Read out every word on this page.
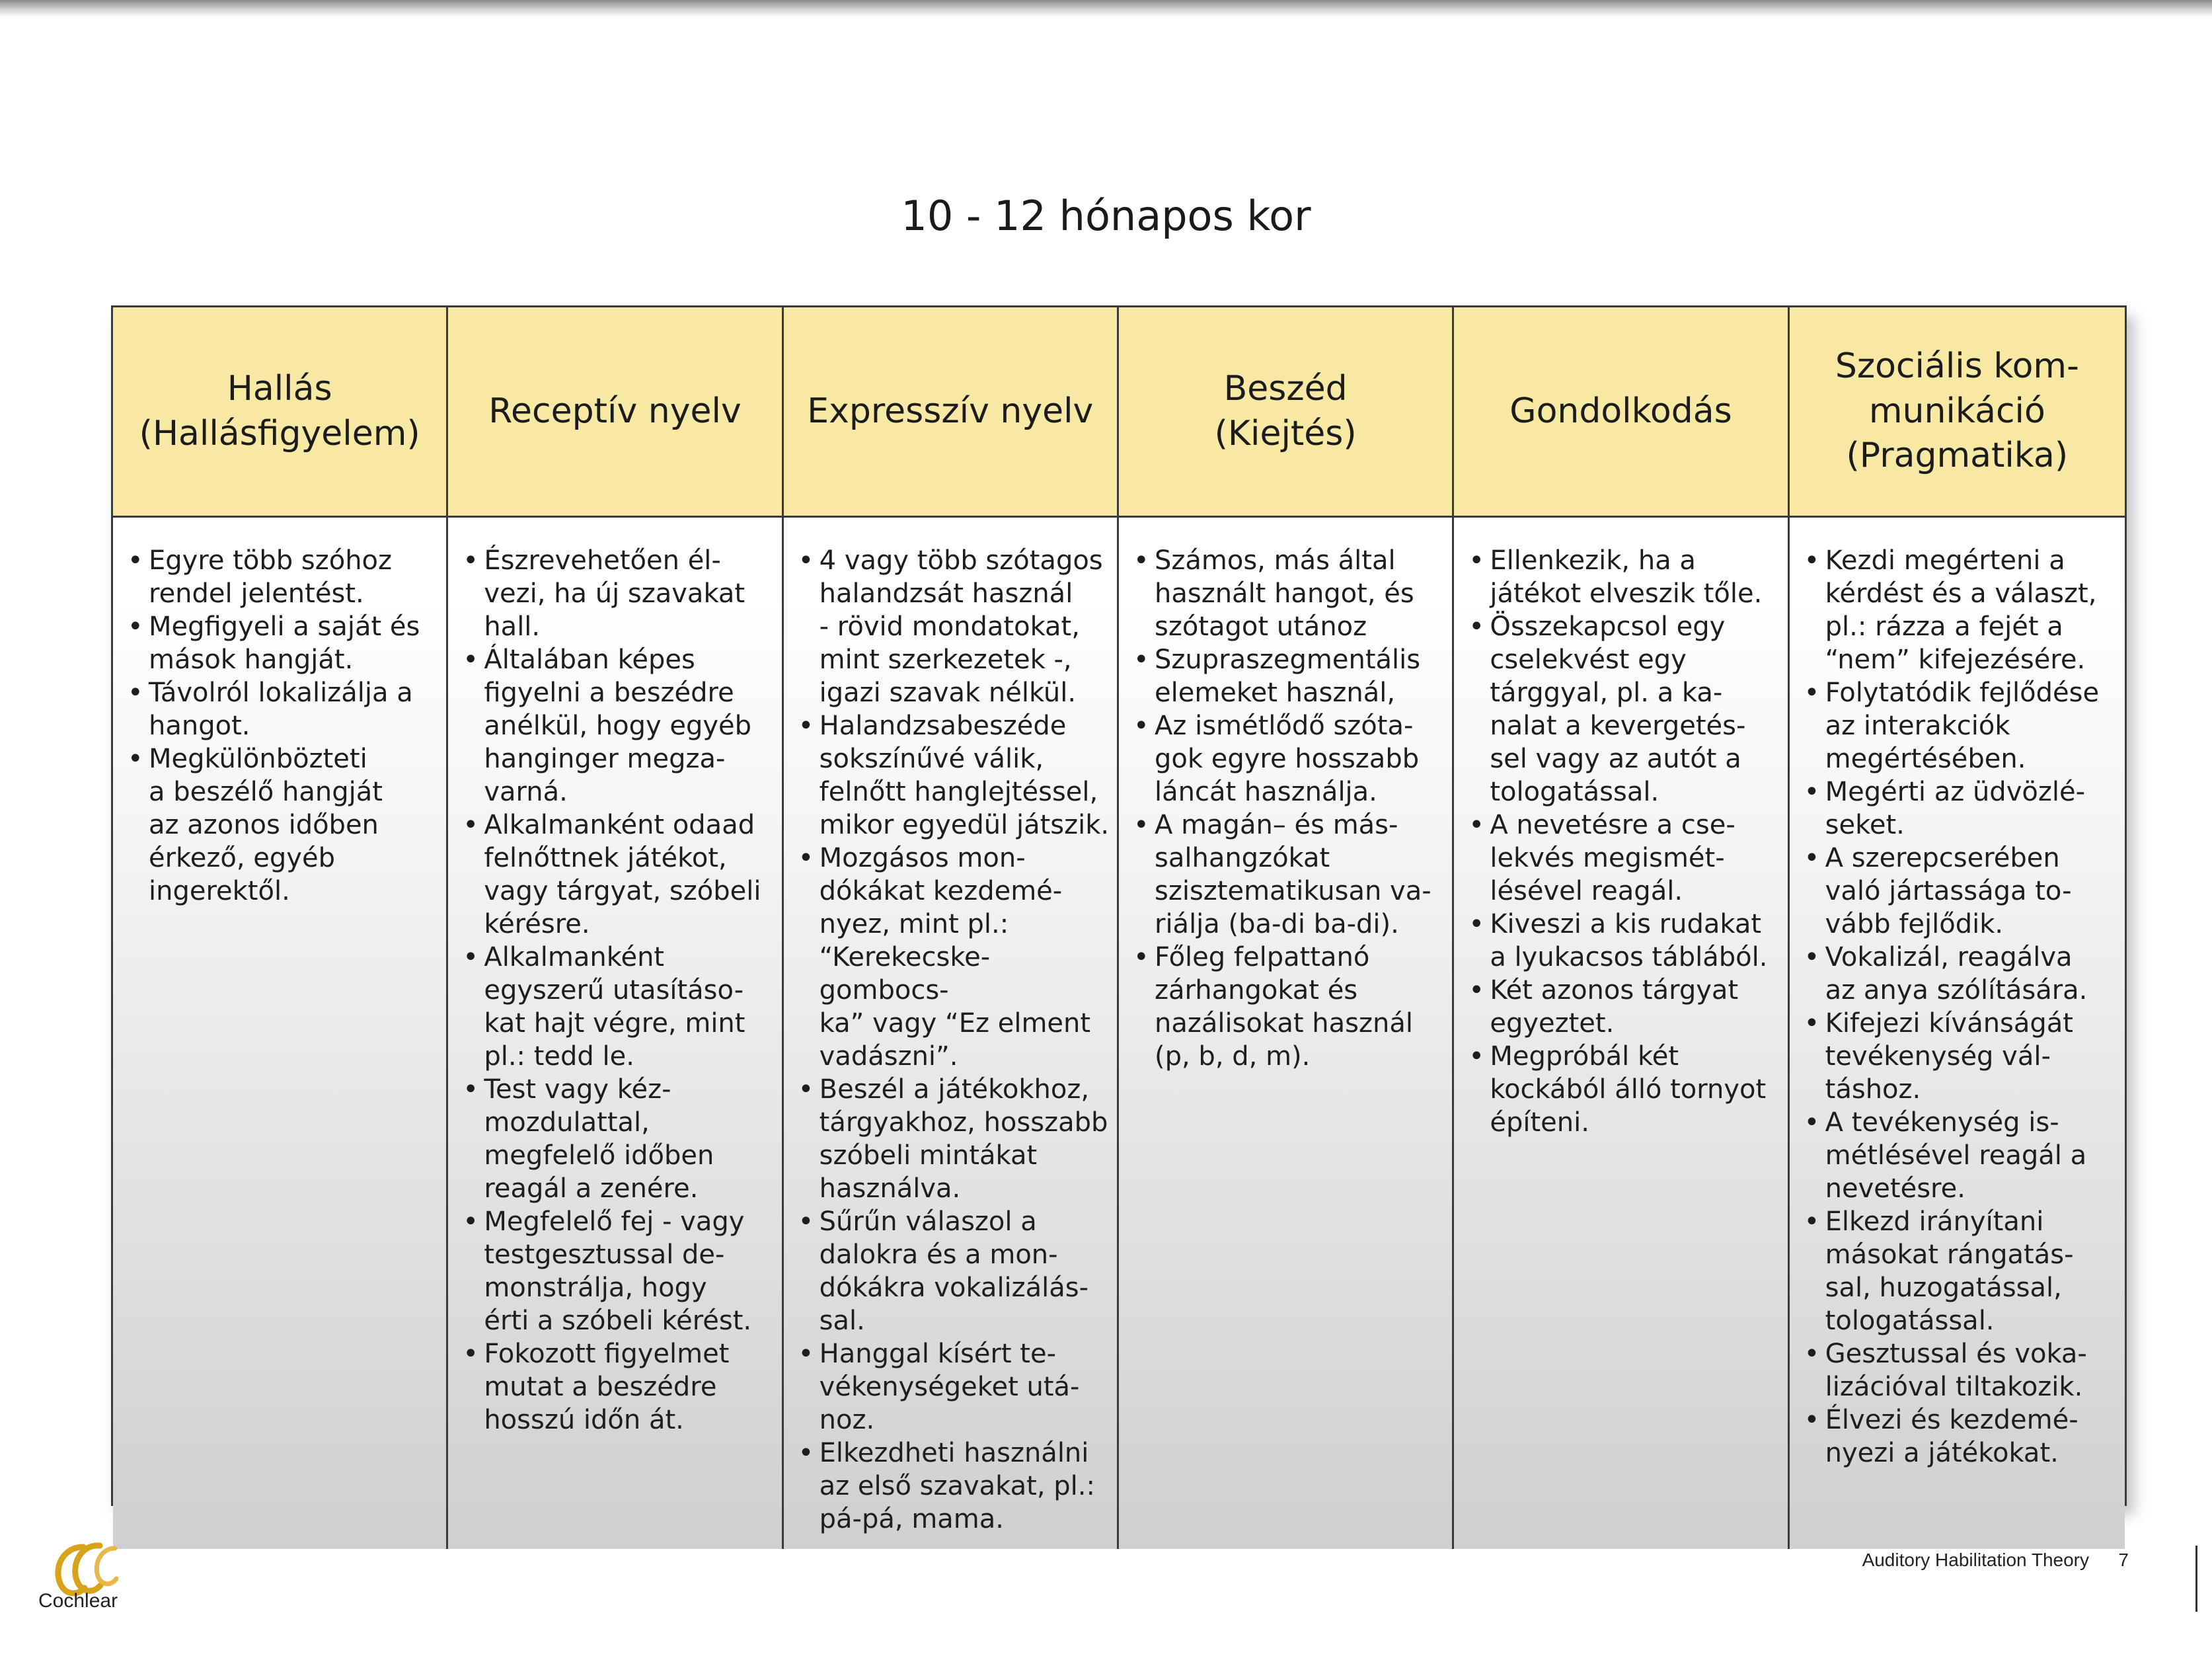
10 - 12 hónapos kor
Hallás
(Hallásfigyelem)
Receptív nyelv	Expresszív nyelv
Beszéd
(Kiejtés)
Gondolkodás
Szociális kom-
munikáció
(Pragmatika)
• Egyre több szóhoz
rendel jelentést.
• Megfigyeli a saját és
mások hangját.
• Távolról lokalizálja a
hangot.
• Megkülönbözteti
a beszélő hangját
az azonos időben
érkező, egyéb
ingerektől.
• Észrevehetően él-
vezi, ha új szavakat
hall.
• Általában képes
figyelni a beszédre
anélkül, hogy egyéb
hanginger megza-
varná.
• Alkalmanként odaad
felnőttnek játékot,
vagy tárgyat, szóbeli
kérésre.
• Alkalmanként
egyszerű utasításo-
kat hajt végre, mint
pl.: tedd le.
• Test vagy kéz-
mozdulattal,
megfelelő időben
reagál a zenére.
• Megfelelő fej - vagy
testgesztussal de-
monstrálja, hogy
érti a szóbeli kérést.
• Fokozott figyelmet
mutat a beszédre
hosszú időn át.
• 4 vagy több szótagos
halandzsát használ
- rövid mondatokat,
mint szerkezetek -,
igazi szavak nélkül.
• Halandzsabeszéde
sokszínűvé válik,
felnőtt hanglejtéssel,
mikor egyedül játszik.
• Mozgásos mon-
dókákat kezdemé-
nyez, mint pl.:
“Kerekecske-gombocs-
ka” vagy “Ez elment
vadászni”.
• Beszél a játékokhoz,
tárgyakhoz, hosszabb
szóbeli mintákat
használva.
• Sűrűn válaszol a
dalokra és a mon-
dókákra vokalizálás-
sal.
• Hanggal kísért te-
vékenységeket utá-
noz.
• Elkezdheti használni
az első szavakat, pl.:
pá-pá, mama.
• Számos, más által
használt hangot, és
szótagot utánoz
• Szupraszegmentális
elemeket használ,
• Az ismétlődő szóta-
gok egyre hosszabb
láncát használja.
• A magán– és más-
salhangzókat
szisztematikusan va-
riálja (ba-di ba-di).
• Főleg felpattanó
zárhangokat és
nazálisokat használ
(p, b, d, m).
• Ellenkezik, ha a
játékot elveszik tőle.
• Összekapcsol egy
cselekvést egy
tárggyal, pl. a ka-
nalat a kevergetés-
sel vagy az autót a
tologatással.
• A nevetésre a cse-
lekvés megismét-
lésével reagál.
• Kiveszi a kis rudakat
a lyukacsos táblából.
• Két azonos tárgyat
egyeztet.
• Megpróbál két
kockából álló tornyot
építeni.
• Kezdi megérteni a
kérdést és a választ,
pl.: rázza a fejét a
“nem” kifejezésére.
• Folytatódik fejlődése
az interakciók
megértésében.
• Megérti az üdvözlé-
seket.
• A szerepcserében
való jártassága to-
vább fejlődik.
• Vokalizál, reagálva
az anya szólítására.
• Kifejezi kívánságát
tevékenység vál-
táshoz.
• A tevékenység is-
métlésével reagál a
nevetésre.
• Elkezd irányítani
másokat rángatás-
sal, huzogatással,
tologatással.
• Gesztussal és voka-
lizációval tiltakozik.
• Élvezi és kezdemé-
nyezi a játékokat.
Cochlear
Auditory Habilitation Theory 7
